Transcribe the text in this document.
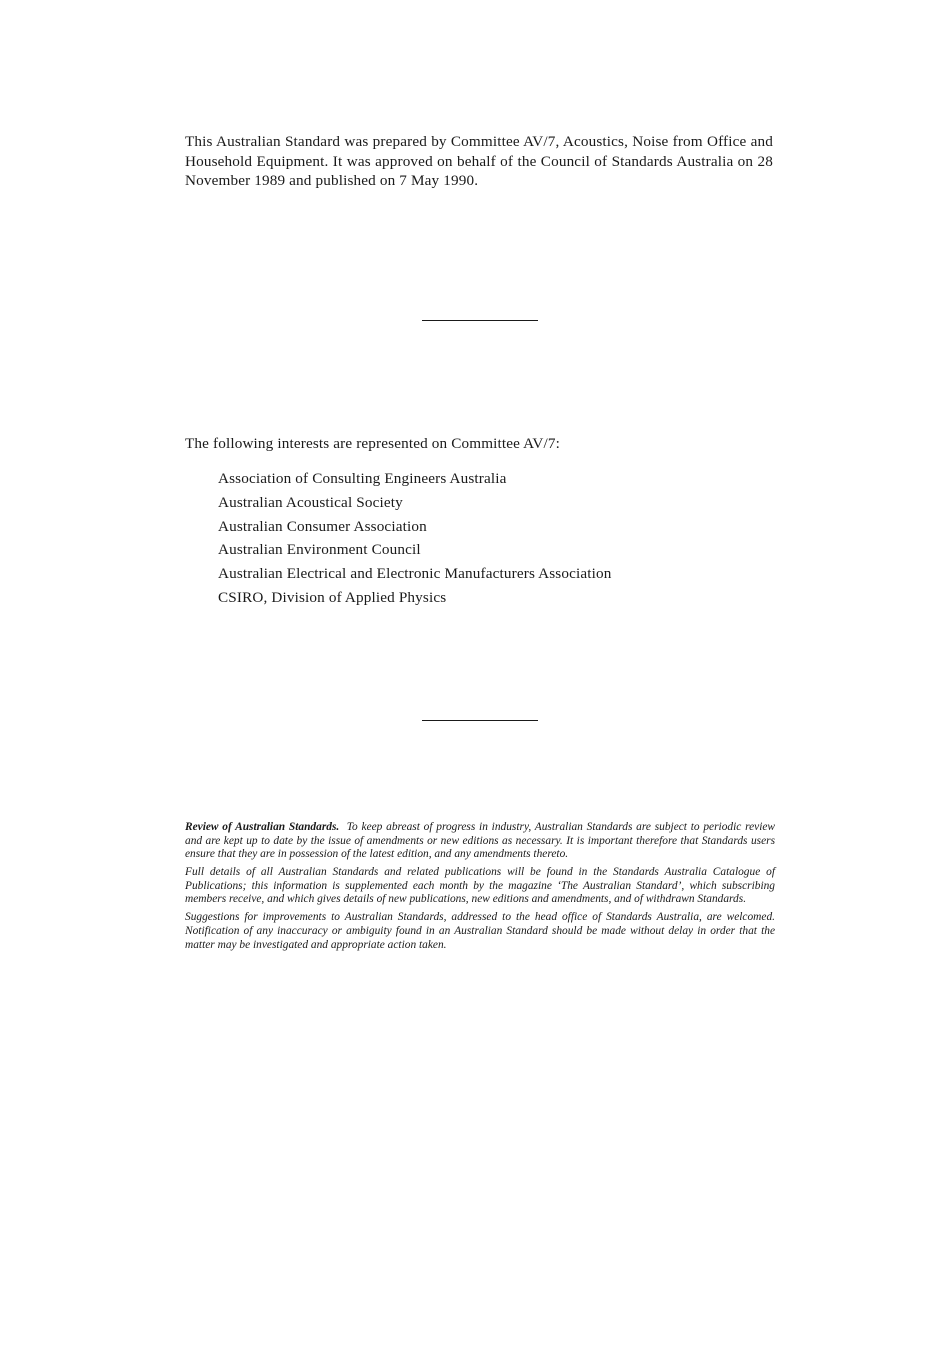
This Australian Standard was prepared by Committee AV/7, Acoustics, Noise from Office and Household Equipment. It was approved on behalf of the Council of Standards Australia on 28 November 1989 and published on 7 May 1990.

The following interests are represented on Committee AV/7:

Association of Consulting Engineers Australia
Australian Acoustical Society
Australian Consumer Association
Australian Environment Council
Australian Electrical and Electronic Manufacturers Association
CSIRO, Division of Applied Physics

Review of Australian Standards. To keep abreast of progress in industry, Australian Standards are subject to periodic review and are kept up to date by the issue of amendments or new editions as necessary. It is important therefore that Standards users ensure that they are in possession of the latest edition, and any amendments thereto.

Full details of all Australian Standards and related publications will be found in the Standards Australia Catalogue of Publications; this information is supplemented each month by the magazine ‘The Australian Standard’, which subscribing members receive, and which gives details of new publications, new editions and amendments, and of withdrawn Standards.

Suggestions for improvements to Australian Standards, addressed to the head office of Standards Australia, are welcomed. Notification of any inaccuracy or ambiguity found in an Australian Standard should be made without delay in order that the matter may be investigated and appropriate action taken.
